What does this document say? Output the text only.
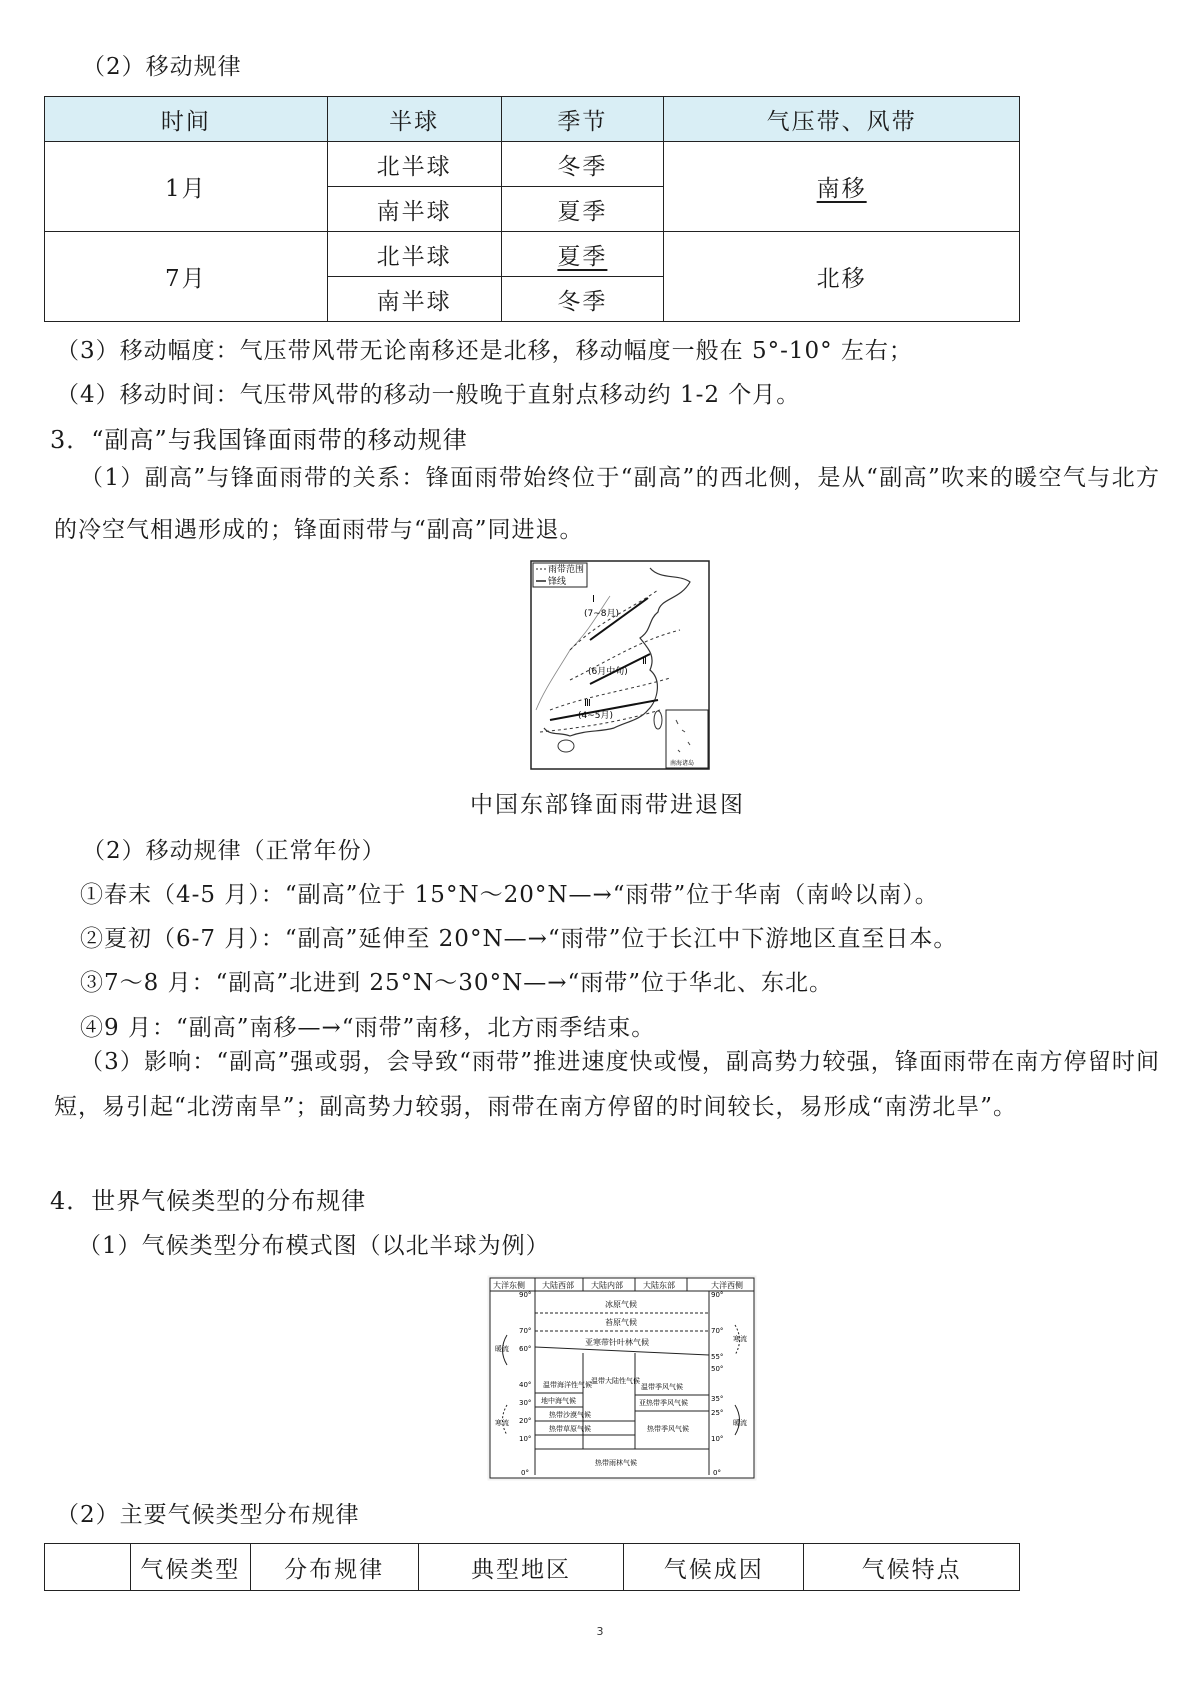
（2）移动规律
时间	半球	季节	气压带、风带
1月	北半球	冬季	南移
	南半球	夏季	
7月	北半球	夏季	北移
	南半球	冬季	
（3）移动幅度：气压带风带无论南移还是北移，移动幅度一般在 5°-10° 左右；
（4）移动时间：气压带风带的移动一般晚于直射点移动约 1-2 个月。
3．“副高”与我国锋面雨带的移动规律
（1）副高”与锋面雨带的关系：锋面雨带始终位于“副高”的西北侧，是从“副高”吹来的暖空气与北方的冷空气相遇形成的；锋面雨带与“副高”同进退。
雨带范围
锋线
Ⅰ
(7~8月)
Ⅱ
(6月中旬)
Ⅲ
(4~5月)
南海诸岛
中国东部锋面雨带进退图
（2）移动规律（正常年份）
①春末（4-5 月）：“副高”位于 15°N～20°N—→“雨带”位于华南（南岭以南）。
②夏初（6-7 月）：“副高”延伸至 20°N—→“雨带”位于长江中下游地区直至日本。
③7～8 月：“副高”北进到 25°N～30°N—→“雨带”位于华北、东北。
④9 月：“副高”南移—→“雨带”南移，北方雨季结束。
（3）影响：“副高”强或弱，会导致“雨带”推进速度快或慢，副高势力较强，锋面雨带在南方停留时间短，易引起“北涝南旱”；副高势力较弱，雨带在南方停留的时间较长，易形成“南涝北旱”。
4．世界气候类型的分布规律
（1）气候类型分布模式图（以北半球为例）
大洋东侧 大陆西部 大陆内部	大陆东部	大洋西侧
90°
70°
60°
40°
30°
20°
10°
0°
90°
70°
55°
50°
35°
25°
10°
0°
冰原气候
苔原气候
亚寒带针叶林气候
温带海洋性气候 温带大陆性气候
温带季风气候
地中海气候	亚热带季风气候
热带沙漠气候
热带草原气候	热带季风气候
热带雨林气候
暖流
寒流
寒流
暖流
（2）主要气候类型分布规律
	气候类型	分布规律	典型地区	气候成因	气候特点
3
